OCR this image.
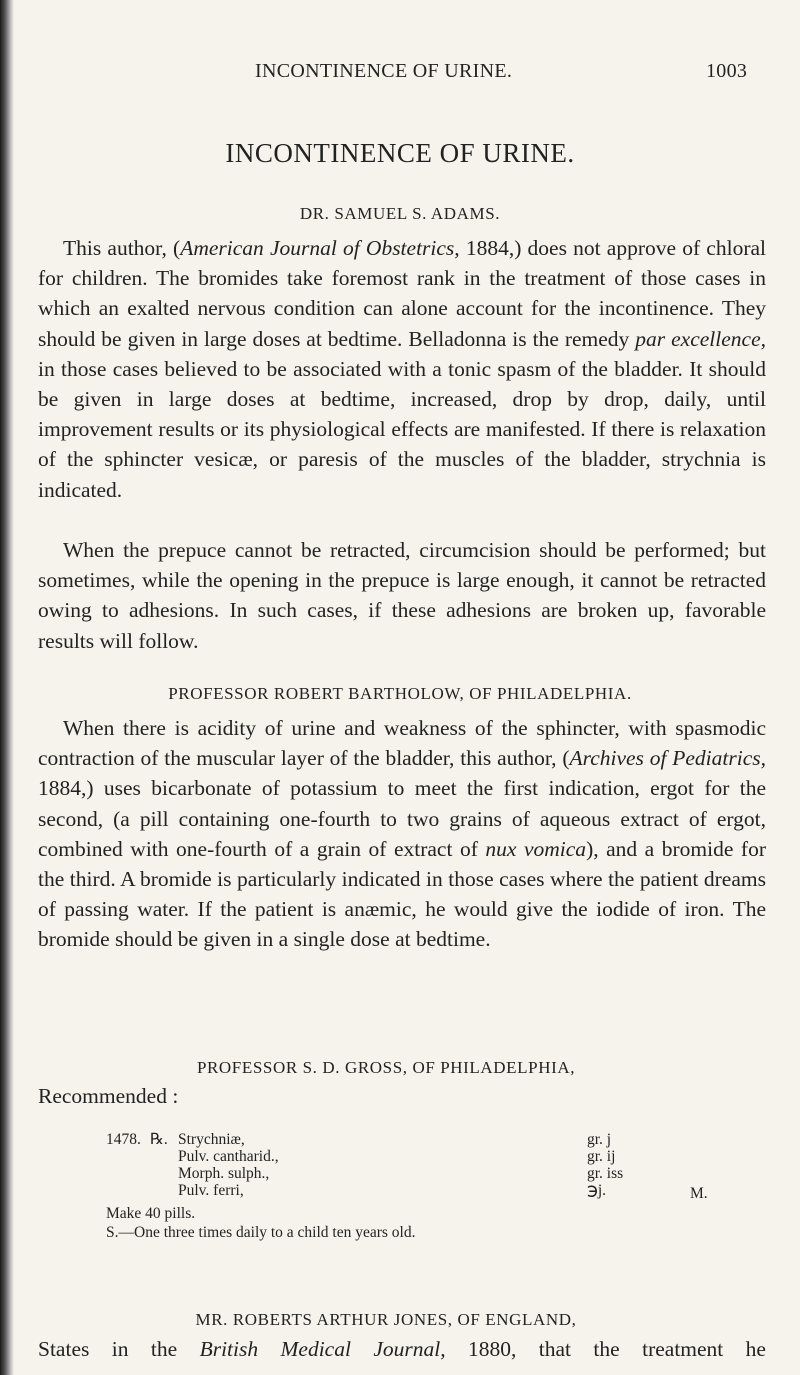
INCONTINENCE OF URINE.	1003
INCONTINENCE OF URINE.
DR. SAMUEL S. ADAMS.

This author, (American Journal of Obstetrics, 1884,) does not approve of chloral for children. The bromides take foremost rank in the treatment of those cases in which an exalted nervous condition can alone account for the incontinence. They should be given in large doses at bedtime. Belladonna is the remedy par excellence, in those cases believed to be associated with a tonic spasm of the bladder. It should be given in large doses at bedtime, increased, drop by drop, daily, until improvement results or its physiological effects are manifested. If there is relaxation of the sphincter vesicæ, or paresis of the muscles of the bladder, strychnia is indicated.

When the prepuce cannot be retracted, circumcision should be performed; but sometimes, while the opening in the prepuce is large enough, it cannot be retracted owing to adhesions. In such cases, if these adhesions are broken up, favorable results will follow.

PROFESSOR ROBERT BARTHOLOW, OF PHILADELPHIA.

When there is acidity of urine and weakness of the sphincter, with spasmodic contraction of the muscular layer of the bladder, this author, (Archives of Pediatrics, 1884,) uses bicarbonate of potassium to meet the first indication, ergot for the second, (a pill containing one-fourth to two grains of aqueous extract of ergot, combined with one-fourth of a grain of extract of nux vomica), and a bromide for the third. A bromide is particularly indicated in those cases where the patient dreams of passing water. If the patient is anæmic, he would give the iodide of iron. The bromide should be given in a single dose at bedtime.

PROFESSOR S. D. GROSS, OF PHILADELPHIA,
Recommended :
1478. ℞. Strychniæ,	gr. j
Pulv. cantharid.,	gr. ij
Morph. sulph.,	gr. iss
Pulv. ferri,	℈j.	M.
Make 40 pills.
S.—One three times daily to a child ten years old.
MR. ROBERTS ARTHUR JONES, OF ENGLAND,
States in the British Medical Journal, 1880, that the treatment he
